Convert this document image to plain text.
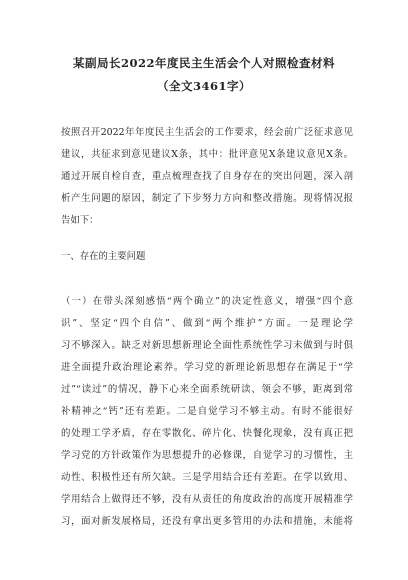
某副局长2022年度民主生活会个人对照检查材料
（全文3461字）
按照召开2022年年度民主生活会的工作要求，经会前广泛征求意见
建议，共征求到意见建议X条，其中：批评意见X条建议意见X条。
通过开展自检自查，重点梳理查找了自身存在的突出问题，深入剖
析产生问题的原因，制定了下步努力方向和整改措施。现将情况报
告如下：
一、存在的主要问题
（一）在带头深刻感悟“两个确立”的决定性意义，增强“四个意
识”、坚定“四个自信”、做到“两个维护”方面。一是理论学
习不够深入。缺乏对新思想新理论全面性系统性学习未做到与时俱
进全面提升政治理论素养。学习党的新理论新思想存在满足于“学
过”“读过”的情况，静下心来全面系统研读、领会不够，距离到常
补精神之“钙”还有差距。二是自觉学习不够主动。有时不能很好
的处理工学矛盾，存在零散化、碎片化、快餐化现象，没有真正把
学习党的方针政策作为思想提升的必修课，自觉学习的习惯性，主
动性、积极性还有所欠缺。三是学用结合还有差距。在学以致用、
学用结合上做得还不够，没有从责任的角度政治的高度开展精准学
习，面对新发展格局，还没有拿出更多管用的办法和措施，未能将
